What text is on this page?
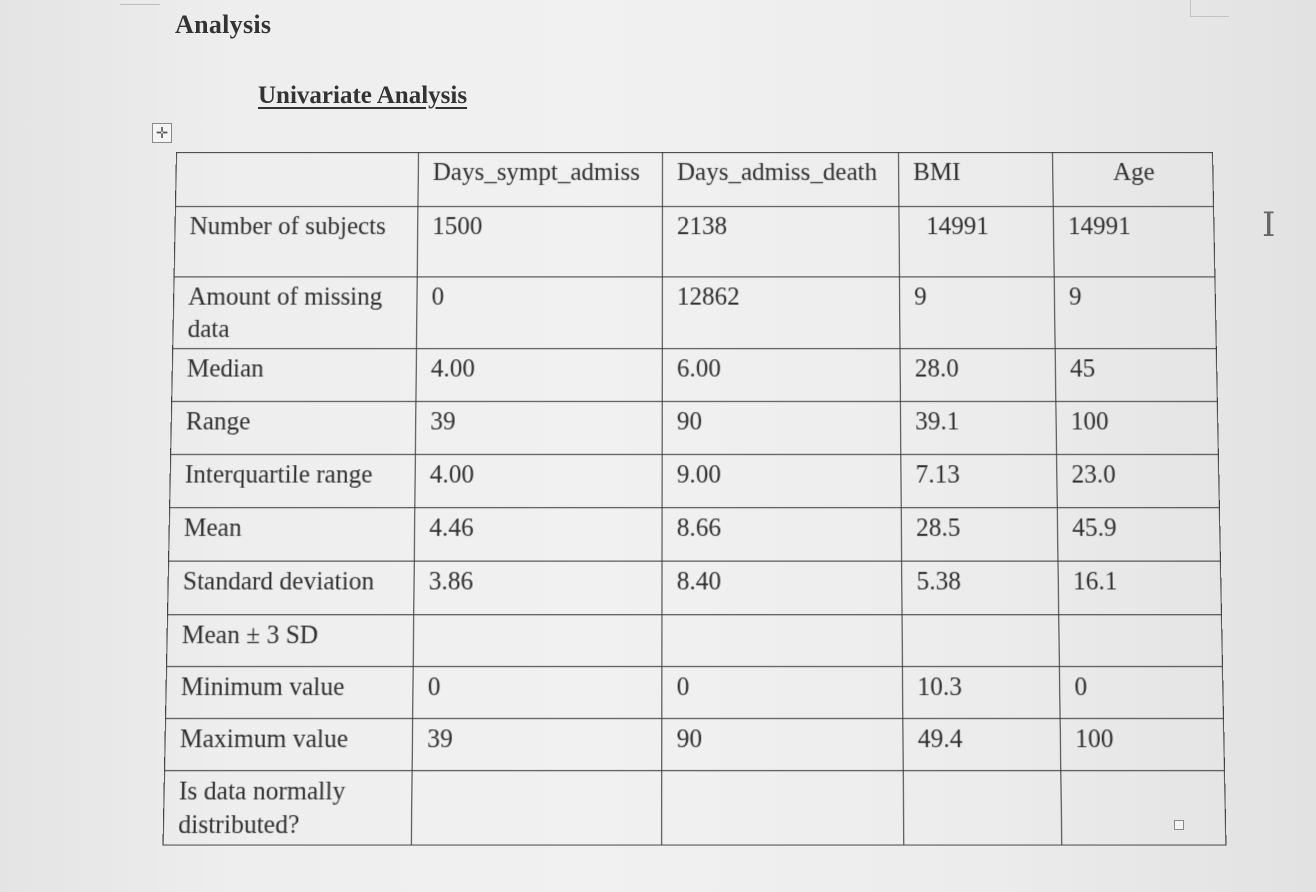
Analysis
Univariate Analysis
✛
	Days_sympt_admiss	Days_admiss_death	BMI	Age
Number of subjects	1500	2138	14991	14991
Amount of missing data	0	12862	9	9
Median	4.00	6.00	28.0	45
Range	39	90	39.1	100
Interquartile range	4.00	9.00	7.13	23.0
Mean	4.46	8.66	28.5	45.9
Standard deviation	3.86	8.40	5.38	16.1
Mean ± 3 SD				
Minimum value	0	0	10.3	0
Maximum value	39	90	49.4	100
Is data normally distributed?				
I
